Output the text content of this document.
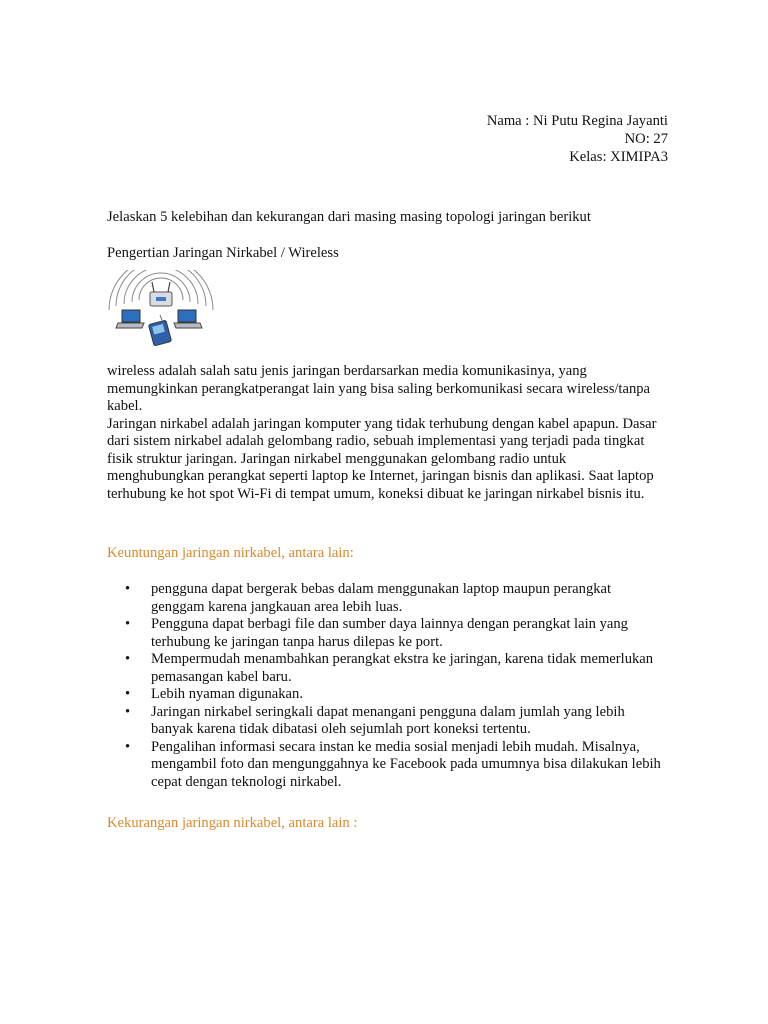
Nama : Ni Putu Regina Jayanti
NO: 27
Kelas: XIMIPA3

Jelaskan 5 kelebihan dan kekurangan dari masing masing topologi jaringan berikut

Pengertian Jaringan Nirkabel / Wireless

wireless adalah salah satu jenis jaringan berdarsarkan media komunikasinya, yang memungkinkan perangkatperangat lain yang bisa saling berkomunikasi secara wireless/tanpa kabel.
Jaringan nirkabel adalah jaringan komputer yang tidak terhubung dengan kabel apapun. Dasar dari sistem nirkabel adalah gelombang radio, sebuah implementasi yang terjadi pada tingkat fisik struktur jaringan. Jaringan nirkabel menggunakan gelombang radio untuk menghubungkan perangkat seperti laptop ke Internet, jaringan bisnis dan aplikasi. Saat laptop terhubung ke hot spot Wi-Fi di tempat umum, koneksi dibuat ke jaringan nirkabel bisnis itu.

Keuntungan jaringan nirkabel, antara lain:

• pengguna dapat bergerak bebas dalam menggunakan laptop maupun perangkat genggam karena jangkauan area lebih luas.
• Pengguna dapat berbagi file dan sumber daya lainnya dengan perangkat lain yang terhubung ke jaringan tanpa harus dilepas ke port.
• Mempermudah menambahkan perangkat ekstra ke jaringan, karena tidak memerlukan pemasangan kabel baru.
• Lebih nyaman digunakan.
• Jaringan nirkabel seringkali dapat menangani pengguna dalam jumlah yang lebih banyak karena tidak dibatasi oleh sejumlah port koneksi tertentu.
• Pengalihan informasi secara instan ke media sosial menjadi lebih mudah. Misalnya, mengambil foto dan mengunggahnya ke Facebook pada umumnya bisa dilakukan lebih cepat dengan teknologi nirkabel.

Kekurangan jaringan nirkabel, antara lain :
